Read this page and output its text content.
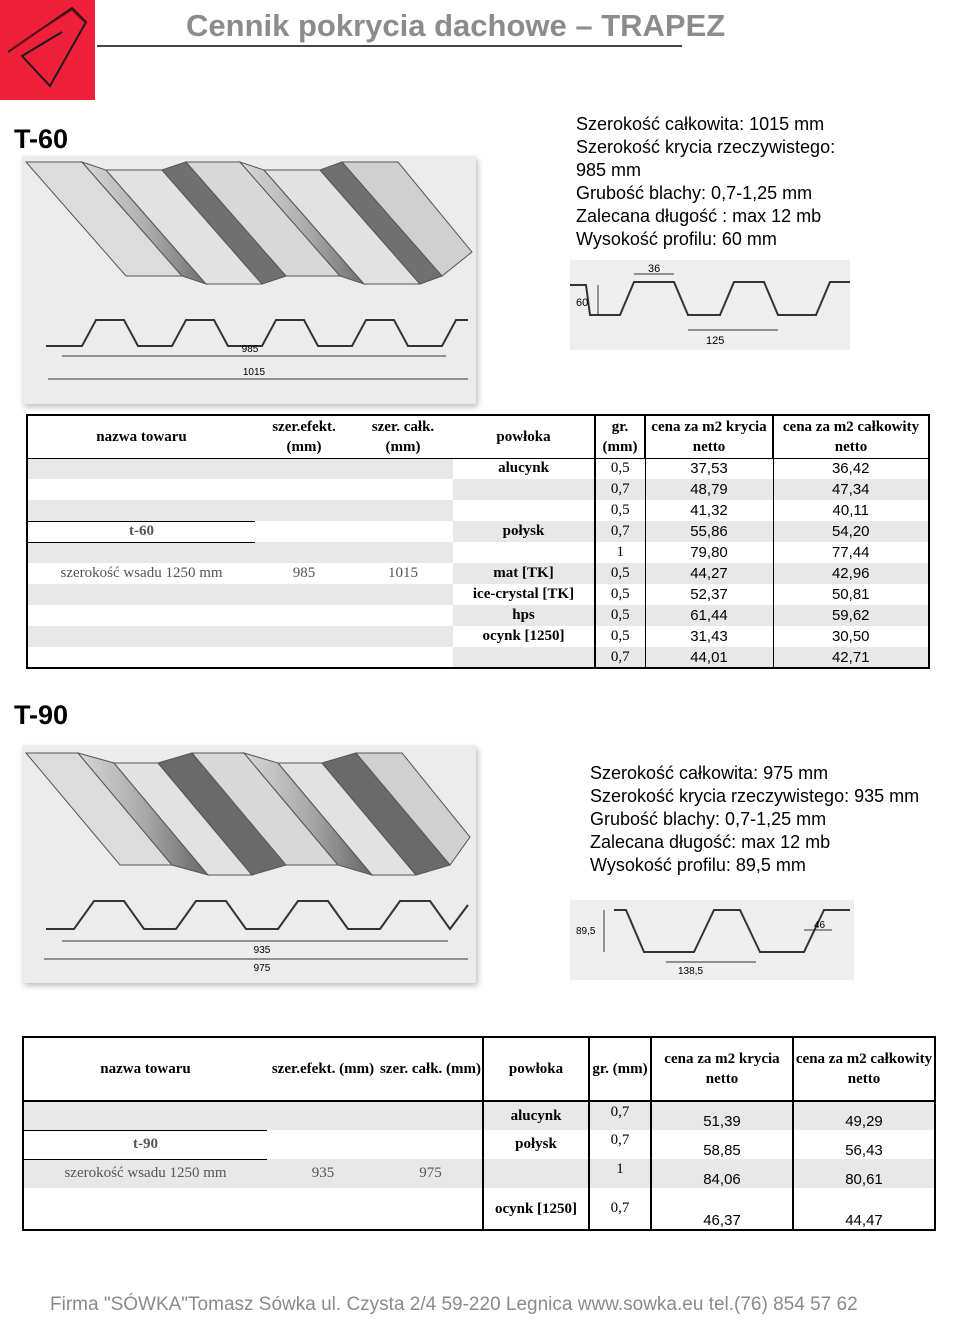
Cennik pokrycia dachowe – TRAPEZ
T-60	Szerokość całkowita: 1015 mm
Szerokość krycia rzeczywistego:
985 mm
Grubość blachy: 0,7-1,25 mm
Zalecana długość : max 12 mb
Wysokość profilu: 60 mm
985
1015
60
36
125
nazwa towaru	szer.efekt. (mm)	szer. całk. (mm)	powłoka	gr. (mm)	cena za m2 krycia netto	cena za m2 całkowity netto
			alucynk	0,5	37,53	36,42
				0,7	48,79	47,34
				0,5	41,32	40,11
t-60			połysk	0,7	55,86	54,20
				1	79,80	77,44
szerokość wsadu 1250 mm	985	1015	mat [TK]	0,5	44,27	42,96
			ice-crystal [TK]	0,5	52,37	50,81
			hps	0,5	61,44	59,62
			ocynk [1250]	0,5	31,43	30,50
				0,7	44,01	42,71
T-90
Szerokość całkowita: 975 mm
Szerokość krycia rzeczywistego: 935 mm
Grubość blachy: 0,7-1,25 mm
Zalecana długość: max 12 mb
Wysokość profilu: 89,5 mm
935
975
89,5
46
138,5
nazwa towaru	szer.efekt. (mm)	szer. całk. (mm)	powłoka	gr. (mm)	cena za m2 krycia netto	cena za m2 całkowity netto
			alucynk	0,7	51,39	49,29
t-90			połysk	0,7	58,85	56,43
szerokość wsadu 1250 mm	935	975		1	84,06	80,61
			ocynk [1250]	0,7	46,37	44,47
Firma "SÓWKA"Tomasz Sówka ul. Czysta 2/4 59-220 Legnica www.sowka.eu tel.(76) 854 57 62
